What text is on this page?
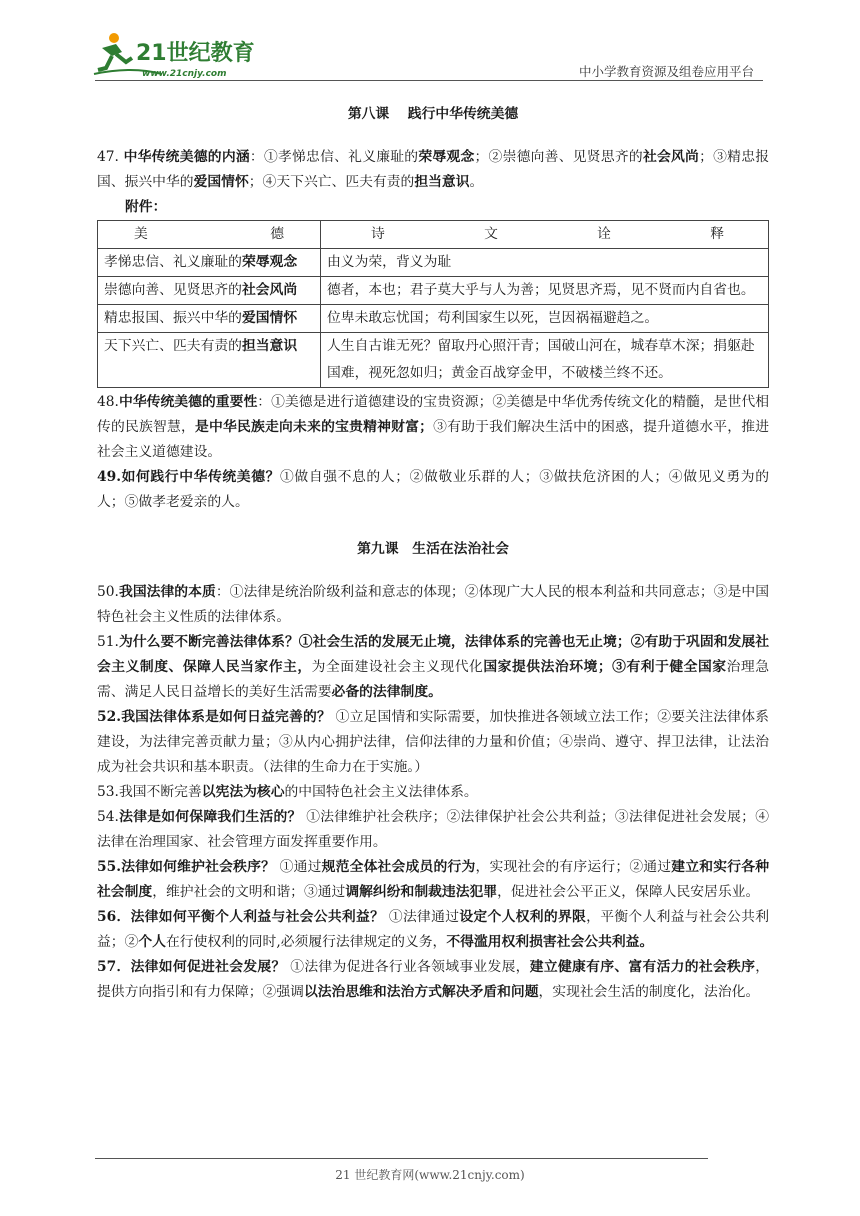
21世纪教育
www.21cnjy.com	中小学教育资源及组卷应用平台
第八课　 践行中华传统美德

47. 中华传统美德的内涵：①孝悌忠信、礼义廉耻的荣辱观念；②崇德向善、见贤思齐的社会风尚；③精忠报国、振兴中华的爱国情怀；④天下兴亡、匹夫有责的担当意识。

附件：

美 德	诗 文 诠 释

孝悌忠信、礼义廉耻的荣辱观念	由义为荣，背义为耻
崇德向善、见贤思齐的社会风尚	德者，本也；君子莫大乎与人为善；见贤思齐焉，见不贤而内自省也。
精忠报国、振兴中华的爱国情怀	位卑未敢忘忧国；苟利国家生以死，岂因祸福避趋之。
天下兴亡、匹夫有责的担当意识	人生自古谁无死？留取丹心照汗青；国破山河在，城春草木深；捐躯赴国难，视死忽如归；黄金百战穿金甲，不破楼兰终不还。

48.中华传统美德的重要性：①美德是进行道德建设的宝贵资源；②美德是中华优秀传统文化的精髓，是世代相传的民族智慧，是中华民族走向未来的宝贵精神财富；③有助于我们解决生活中的困惑，提升道德水平，推进社会主义道德建设。

49.如何践行中华传统美德？①做自强不息的人；②做敬业乐群的人；③做扶危济困的人；④做见义勇为的人；⑤做孝老爱亲的人。

第九课　生活在法治社会

50.我国法律的本质：①法律是统治阶级利益和意志的体现；②体现广大人民的根本利益和共同意志；③是中国特色社会主义性质的法律体系。

51.为什么要不断完善法律体系？①社会生活的发展无止境，法律体系的完善也无止境；②有助于巩固和发展社会主义制度、保障人民当家作主，为全面建设社会主义现代化国家提供法治环境；③有利于健全国家治理急需、满足人民日益增长的美好生活需要必备的法律制度。

52.我国法律体系是如何日益完善的？ ①立足国情和实际需要，加快推进各领域立法工作；②要关注法律体系建设，为法律完善贡献力量；③从内心拥护法律，信仰法律的力量和价值；④崇尚、遵守、捍卫法律，让法治成为社会共识和基本职责。（法律的生命力在于实施。）

53.我国不断完善以宪法为核心的中国特色社会主义法律体系。

54.法律是如何保障我们生活的？ ①法律维护社会秩序；②法律保护社会公共利益；③法律促进社会发展；④法律在治理国家、社会管理方面发挥重要作用。

55.法律如何维护社会秩序？ ①通过规范全体社会成员的行为，实现社会的有序运行；②通过建立和实行各种社会制度，维护社会的文明和谐；③通过调解纠纷和制裁违法犯罪，促进社会公平正义，保障人民安居乐业。

56．法律如何平衡个人利益与社会公共利益？ ①法律通过设定个人权利的界限，平衡个人利益与社会公共利益；②个人在行使权利的同时,必须履行法律规定的义务，不得滥用权利损害社会公共利益。

57．法律如何促进社会发展？ ①法律为促进各行业各领域事业发展，建立健康有序、富有活力的社会秩序，提供方向指引和有力保障；②强调以法治思维和法治方式解决矛盾和问题，实现社会生活的制度化，法治化。

21 世纪教育网(www.21cnjy.com)
